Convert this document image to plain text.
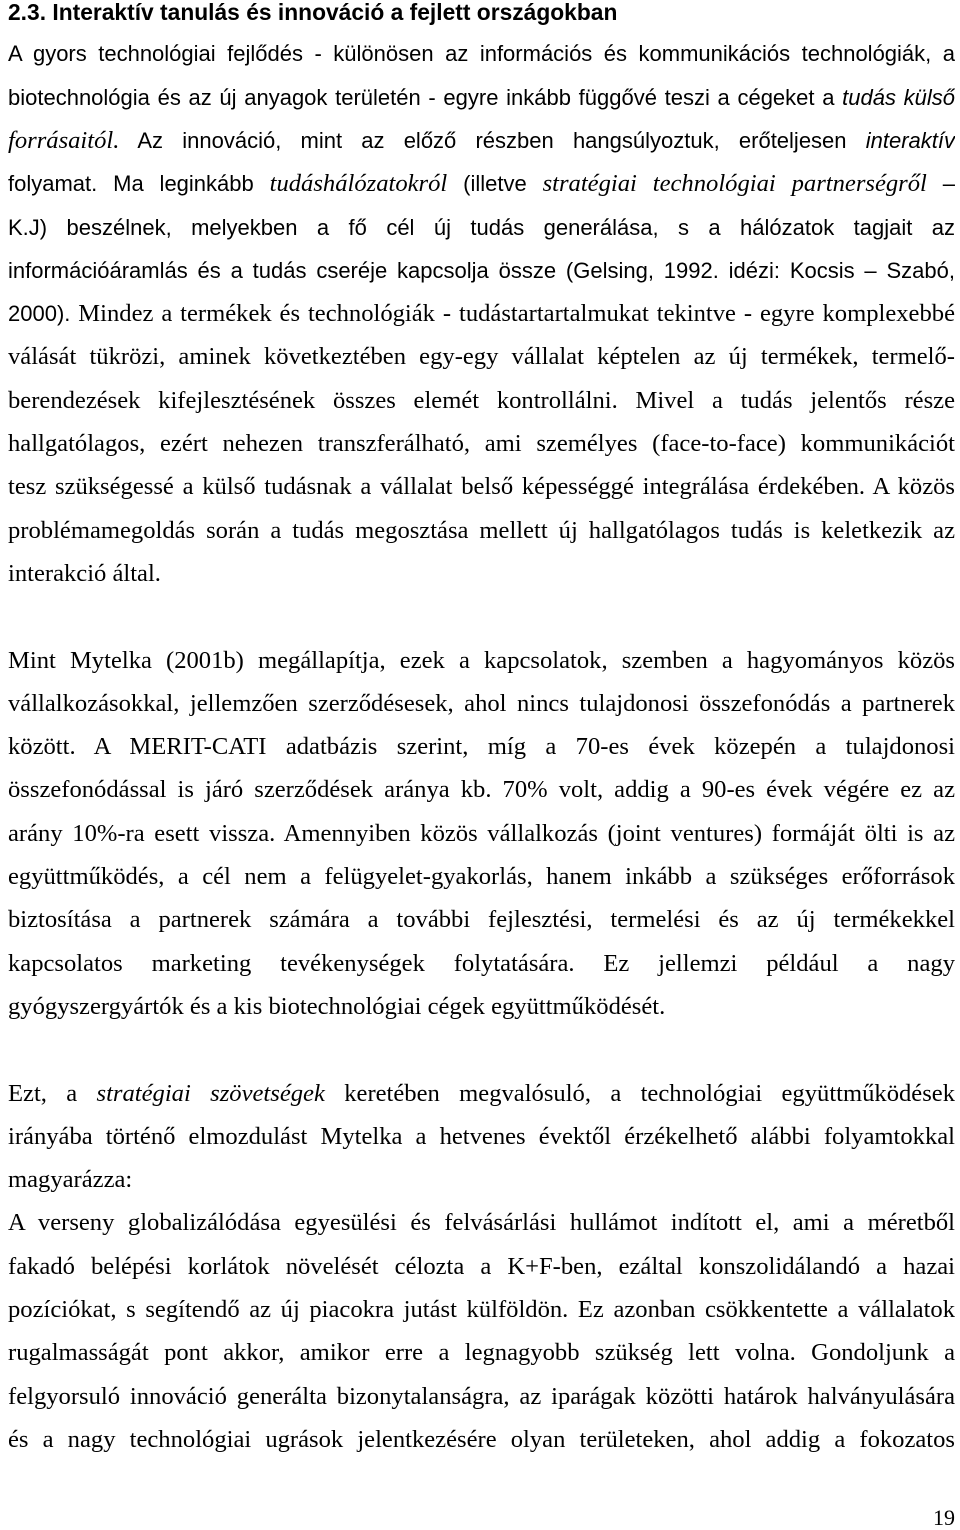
2.3. Interaktív tanulás és innováció a fejlett országokban
A gyors technológiai fejlődés - különösen az információs és kommunikációs technológiák, a
biotechnológia és az új anyagok területén - egyre inkább függővé teszi a cégeket a tudás külső
forrásaitól. Az innováció, mint az előző részben hangsúlyoztuk, erőteljesen interaktív
folyamat. Ma leginkább tudáshálózatokról (illetve stratégiai technológiai partnerségről –
K.J) beszélnek, melyekben a fő cél új tudás generálása, s a hálózatok tagjait az
információáramlás és a tudás cseréje kapcsolja össze (Gelsing, 1992. idézi: Kocsis – Szabó,
2000). Mindez a termékek és technológiák - tudástartartalmukat tekintve - egyre komplexebbé
válását tükrözi, aminek következtében egy-egy vállalat képtelen az új termékek, termelő-
berendezések kifejlesztésének összes elemét kontrollálni. Mivel a tudás jelentős része
hallgatólagos, ezért nehezen transzferálható, ami személyes (face-to-face) kommunikációt
tesz szükségessé a külső tudásnak a vállalat belső képességgé integrálása érdekében. A közös
problémamegoldás során a tudás megosztása mellett új hallgatólagos tudás is keletkezik az
interakció által.
Mint Mytelka (2001b) megállapítja, ezek a kapcsolatok, szemben a hagyományos közös
vállalkozásokkal, jellemzően szerződésesek, ahol nincs tulajdonosi összefonódás a partnerek
között. A MERIT-CATI adatbázis szerint, míg a 70-es évek közepén a tulajdonosi
összefonódással is járó szerződések aránya kb. 70% volt, addig a 90-es évek végére ez az
arány 10%-ra esett vissza. Amennyiben közös vállalkozás (joint ventures) formáját ölti is az
együttműködés, a cél nem a felügyelet-gyakorlás, hanem inkább a szükséges erőforrások
biztosítása a partnerek számára a további fejlesztési, termelési és az új termékekkel
kapcsolatos marketing tevékenységek folytatására. Ez jellemzi például a nagy
gyógyszergyártók és a kis biotechnológiai cégek együttműködését.
Ezt, a stratégiai szövetségek keretében megvalósuló, a technológiai együttműködések
irányába történő elmozdulást Mytelka a hetvenes évektől érzékelhető alábbi folyamtokkal
magyarázza:
A verseny globalizálódása egyesülési és felvásárlási hullámot indított el, ami a méretből
fakadó belépési korlátok növelését célozta a K+F-ben, ezáltal konszolidálandó a hazai
pozíciókat, s segítendő az új piacokra jutást külföldön. Ez azonban csökkentette a vállalatok
rugalmasságát pont akkor, amikor erre a legnagyobb szükség lett volna. Gondoljunk a
felgyorsuló innováció generálta bizonytalanságra, az iparágak közötti határok halványulására
és a nagy technológiai ugrások jelentkezésére olyan területeken, ahol addig a fokozatos
19
